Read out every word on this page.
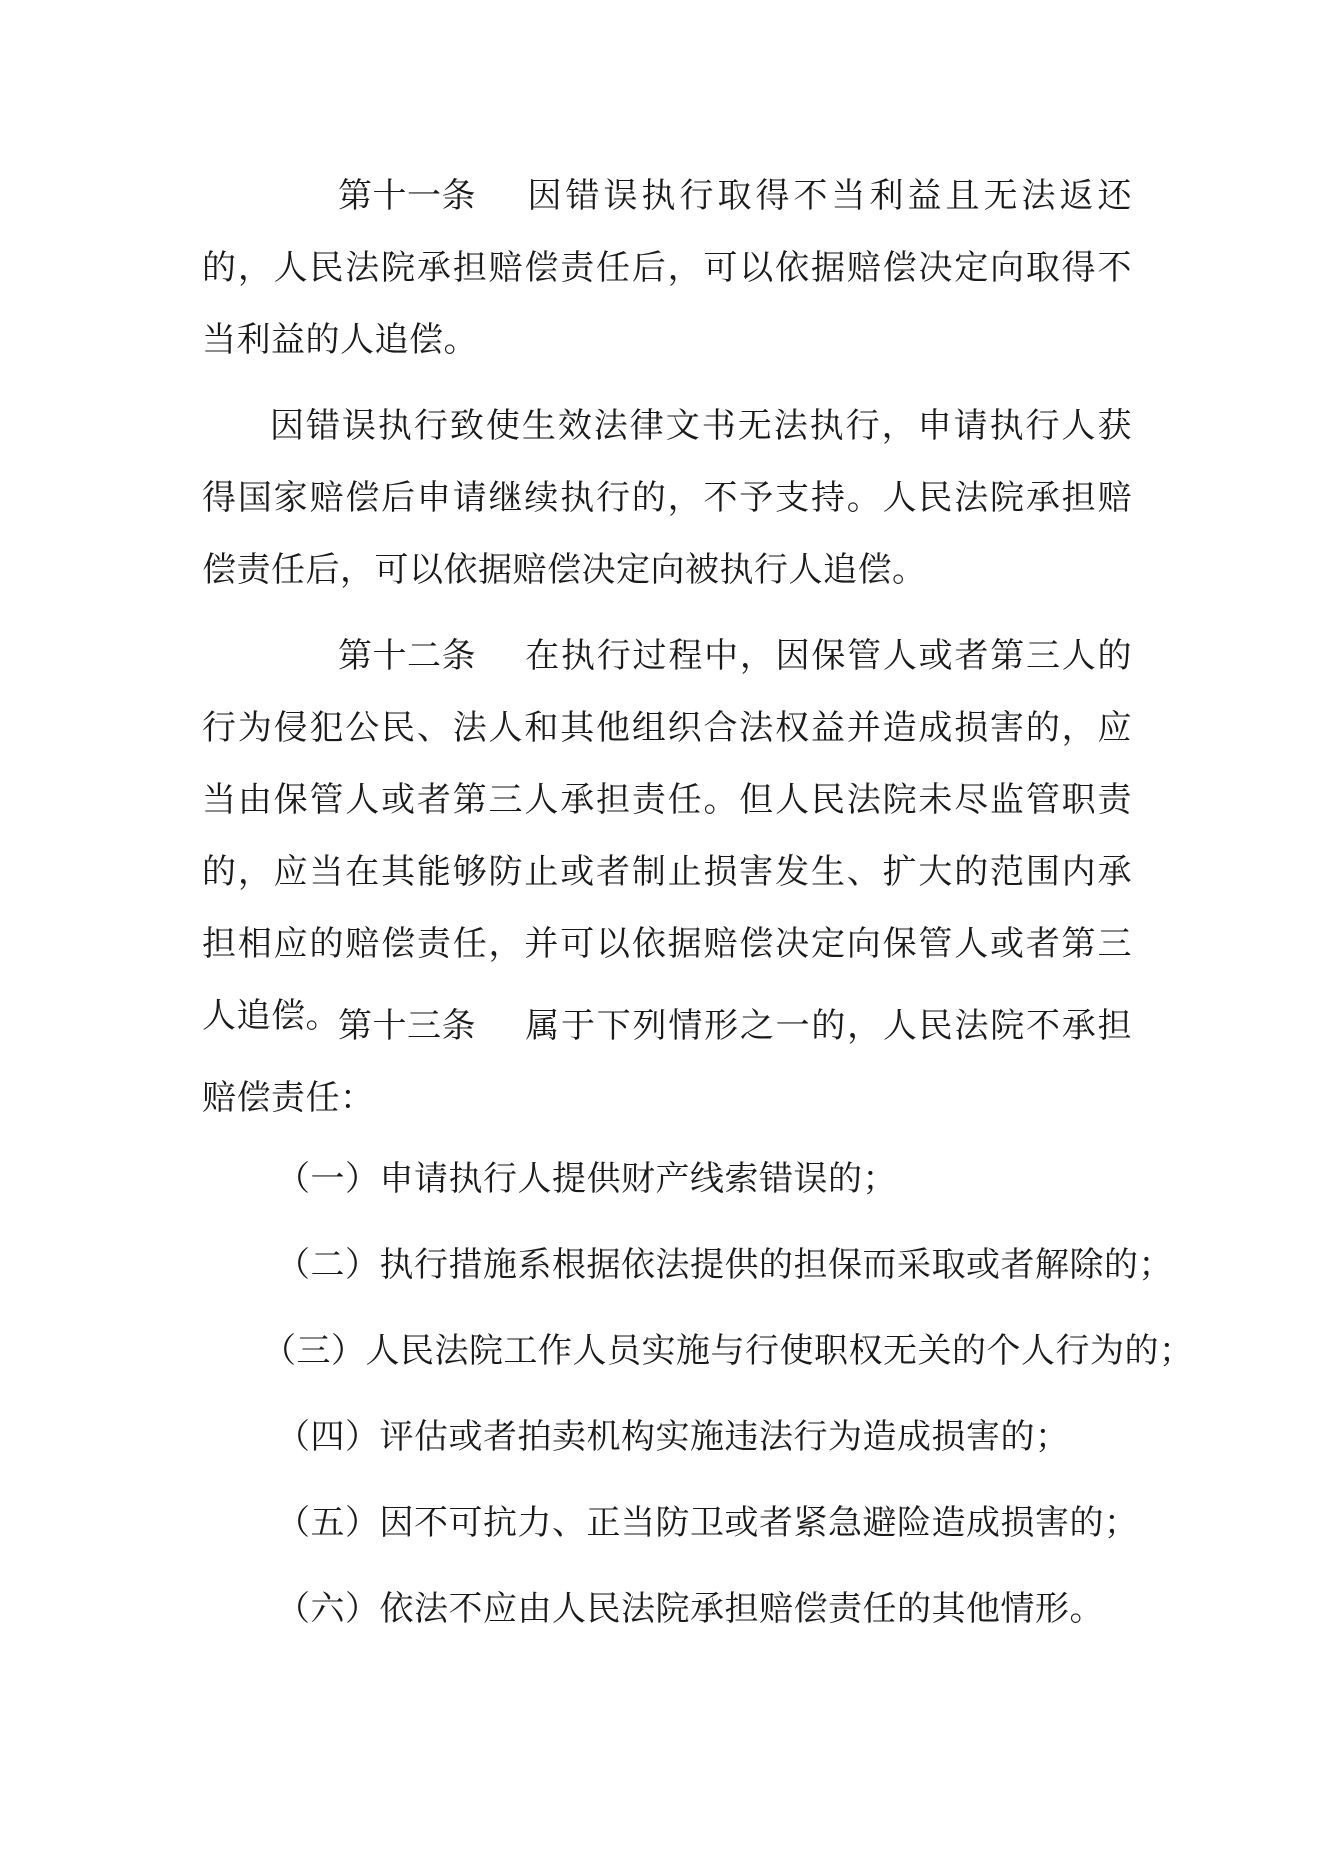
第十一条 因错误执行取得不当利益且无法返还的，人民法院承担赔偿责任后，可以依据赔偿决定向取得不当利益的人追偿。

因错误执行致使生效法律文书无法执行，申请执行人获得国家赔偿后申请继续执行的，不予支持。人民法院承担赔偿责任后，可以依据赔偿决定向被执行人追偿。

第十二条 在执行过程中，因保管人或者第三人的行为侵犯公民、法人和其他组织合法权益并造成损害的，应当由保管人或者第三人承担责任。但人民法院未尽监管职责的，应当在其能够防止或者制止损害发生、扩大的范围内承担相应的赔偿责任，并可以依据赔偿决定向保管人或者第三人追偿。

第十三条 属于下列情形之一的，人民法院不承担赔偿责任：

（一）申请执行人提供财产线索错误的；

（二）执行措施系根据依法提供的担保而采取或者解除的；

（三）人民法院工作人员实施与行使职权无关的个人行为的；

（四）评估或者拍卖机构实施违法行为造成损害的；

（五）因不可抗力、正当防卫或者紧急避险造成损害的；

（六）依法不应由人民法院承担赔偿责任的其他情形。
